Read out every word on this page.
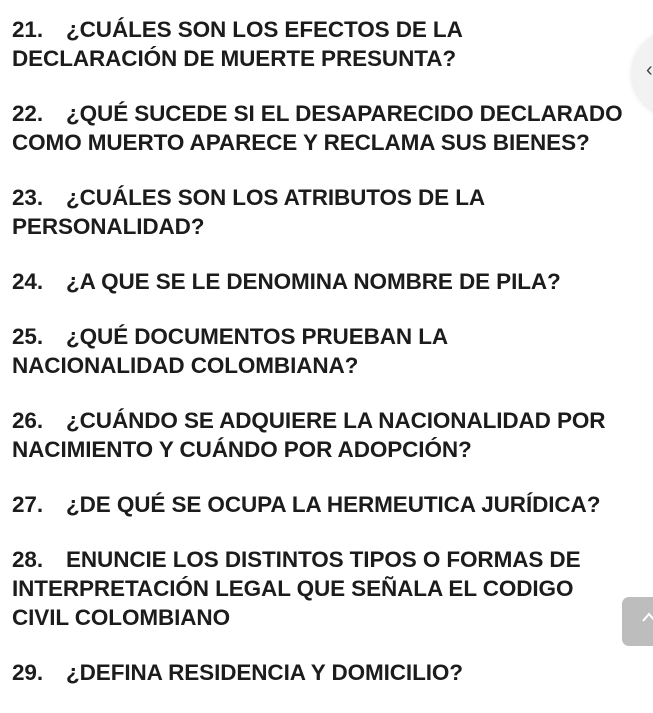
21. ¿CUÁLES SON LOS EFECTOS DE LA
DECLARACIÓN DE MUERTE PRESUNTA?
22. ¿QUÉ SUCEDE SI EL DESAPARECIDO DECLARADO
COMO MUERTO APARECE Y RECLAMA SUS BIENES?
23. ¿CUÁLES SON LOS ATRIBUTOS DE LA
PERSONALIDAD?
24. ¿A QUE SE LE DENOMINA NOMBRE DE PILA?
25. ¿QUÉ DOCUMENTOS PRUEBAN LA
NACIONALIDAD COLOMBIANA?
26. ¿CUÁNDO SE ADQUIERE LA NACIONALIDAD POR
NACIMIENTO Y CUÁNDO POR ADOPCIÓN?
27. ¿DE QUÉ SE OCUPA LA HERMEUTICA JURÍDICA?
28. ENUNCIE LOS DISTINTOS TIPOS O FORMAS DE
INTERPRETACIÓN LEGAL QUE SEÑALA EL CODIGO
CIVIL COLOMBIANO
29. ¿DEFINA RESIDENCIA Y DOMICILIO?
‹
